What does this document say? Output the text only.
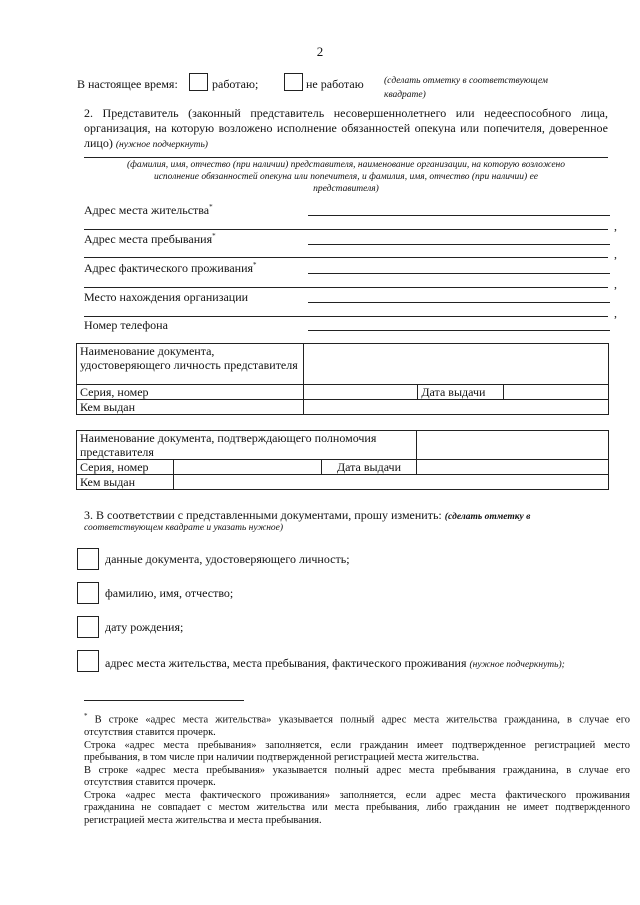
2
В настоящее время:	работаю;	не работаю (сделать отметку в соответствующем
квадрате)
2. Представитель (законный представитель несовершеннолетнего или недееспособного лица,
организация, на которую возложено исполнение обязанностей опекуна или попечителя, доверенное
лицо) (нужное подчеркнуть)
(фамилия, имя, отчество (при наличии) представителя, наименование организации, на которую возложено
исполнение обязанностей опекуна или попечителя, и фамилия, имя, отчество (при наличии) ее
представителя)
Адрес места жительства*
,
Адрес места пребывания*
,
Адрес фактического проживания*
,
Место нахождения организации
,
Номер телефона
Наименование документа, удостоверяющего личность представителя			
Серия, номер		Дата выдачи	
Кем выдан			
Наименование документа, подтверждающего полномочия представителя			
Серия, номер		Дата выдачи	
Кем выдан			
3. В соответствии с представленными документами, прошу изменить: (сделать отметку в
соответствующем квадрате и указать нужное)
данные документа, удостоверяющего личность;
фамилию, имя, отчество;
дату рождения;
адрес места жительства, места пребывания, фактического проживания (нужное подчеркнуть);
* В строке «адрес места жительства» указывается полный адрес места жительства гражданина, в случае его
отсутствия ставится прочерк.
Строка «адрес места пребывания» заполняется, если гражданин имеет подтвержденное регистрацией место
пребывания, в том числе при наличии подтвержденной регистрацией места жительства.
В строке «адрес места пребывания» указывается полный адрес места пребывания гражданина, в случае его
отсутствия ставится прочерк.
Строка «адрес места фактического проживания» заполняется, если адрес места фактического проживания
гражданина не совпадает с местом жительства или места пребывания, либо гражданин не имеет подтвержденного
регистрацией места жительства и места пребывания.
